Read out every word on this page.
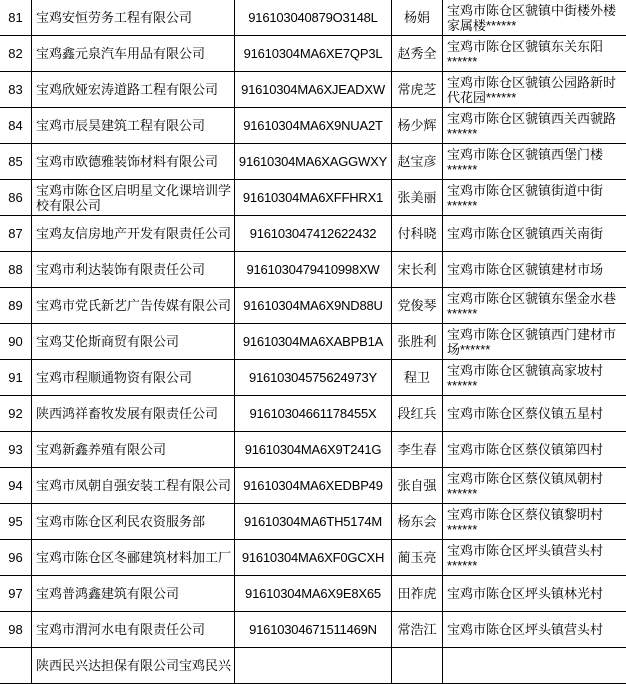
81 宝鸡安恒劳务工程有限公司	916103040879O3148L 杨娟 宝鸡市陈仓区虢镇中街楼外楼家属楼******
82 宝鸡鑫元泉汽车用品有限公司	91610304MA6XE7QP3L 赵秀全 宝鸡市陈仓区虢镇东关东阳******
83 宝鸡欣娅宏涛道路工程有限公司 91610304MA6XJEADXW 常虎芝 宝鸡市陈仓区虢镇公园路新时代花园******
84 宝鸡市辰昊建筑工程有限公司	91610304MA6X9NUA2T 杨少辉 宝鸡市陈仓区虢镇西关西虢路******
85 宝鸡市欧德雅装饰材料有限公司 91610304MA6XAGGWXY 赵宝彦 宝鸡市陈仓区虢镇西堡门楼******
86 宝鸡市陈仓区启明星文化课培训学校有限公司	91610304MA6XFFHRX1 张美丽 宝鸡市陈仓区虢镇街道中街******
87 宝鸡友信房地产开发有限责任公司 916103047412622432 付科晓 宝鸡市陈仓区虢镇西关南街
88 宝鸡市利达装饰有限责任公司	91610304794109​98XW 宋长利 宝鸡市陈仓区虢镇建材市场
89 宝鸡市党氏新艺广告传媒有限公司 91610304MA6X9ND88U 党俊琴 宝鸡市陈仓区虢镇东堡金水巷******
90 宝鸡艾伦斯商贸有限公司	91610304MA6XABPB1A 张胜利 宝鸡市陈仓区虢镇西门建材市场******
91 宝鸡市程顺通物资有限公司	916103045756249​73Y 程卫 宝鸡市陈仓区虢镇高家坡村******
92 陕西鸿祥畜牧发展有限责任公司 91610304661178455X 段红兵 宝鸡市陈仓区蔡仪镇五星村
93 宝鸡新鑫养殖有限公司	91610304MA6X9T241G 李生春 宝鸡市陈仓区蔡仪镇第四村
94 宝鸡市凤朝自强安装工程有限公司 91610304MA6XEDBP49 张自强 宝鸡市陈仓区蔡仪镇凤朝村******
95 宝鸡市陈仓区利民农资服务部	91610304MA6TH5174M 杨东会 宝鸡市陈仓区蔡仪镇黎明村******
96 宝鸡市陈仓区冬郦建筑材料加工厂 91610304MA6XF0GCXH 蔺玉亮 宝鸡市陈仓区坪头镇营头村******
97 宝鸡普鸿鑫建筑有限公司	91610304MA6X9E8X65 田祚虎 宝鸡市陈仓区坪头镇林光村
98 宝鸡市渭河水电有限责任公司	91610304671511469N 常浩江 宝鸡市陈仓区坪头镇营头村
陕西民兴达担保有限公司宝鸡民兴
